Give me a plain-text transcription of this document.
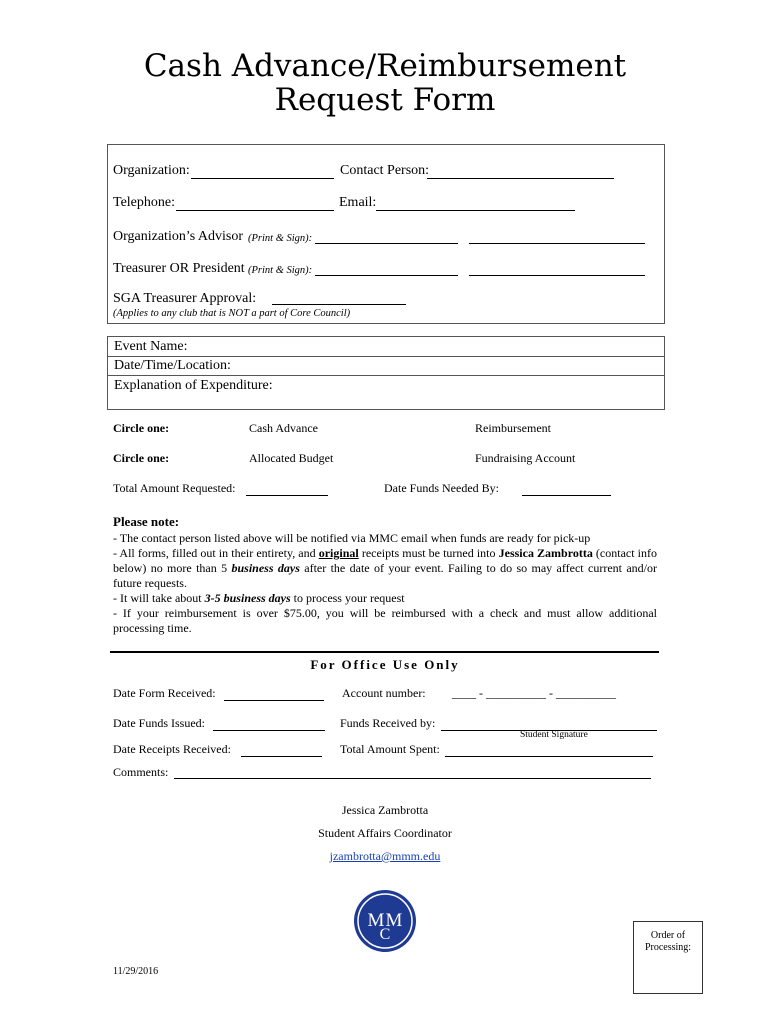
Cash Advance/Reimbursement
Request Form
Organization:	Contact Person:
Telephone:	Email:
Organization’s Advisor (Print & Sign):
Treasurer OR President (Print & Sign):
SGA Treasurer Approval:
(Applies to any club that is NOT a part of Core Council)
Event Name:
Date/Time/Location:
Explanation of Expenditure:
Circle one:	Cash Advance	Reimbursement
Circle one:	Allocated Budget	Fundraising Account
Total Amount Requested:	Date Funds Needed By:
Please note:

- The contact person listed above will be notified via MMC email when funds are ready for pick-up

- All forms, filled out in their entirety, and original receipts must be turned into Jessica Zambrotta (contact info below) no more than 5 business days after the date of your event. Failing to do so may affect current and/or future requests.

- It will take about 3-5 business days to process your request

- If your reimbursement is over $75.00, you will be reimbursed with a check and must allow additional processing time.

For Office Use Only
Date Form Received:	Account number: ____ - __________ - __________
Date Funds Issued:	Funds Received by:
Student Signature
Date Receipts Received:	Total Amount Spent:
Comments:
Jessica Zambrotta
Student Affairs Coordinator
jzambrotta@mmm.edu
M M
C	Order of Processing:
11/29/2016
